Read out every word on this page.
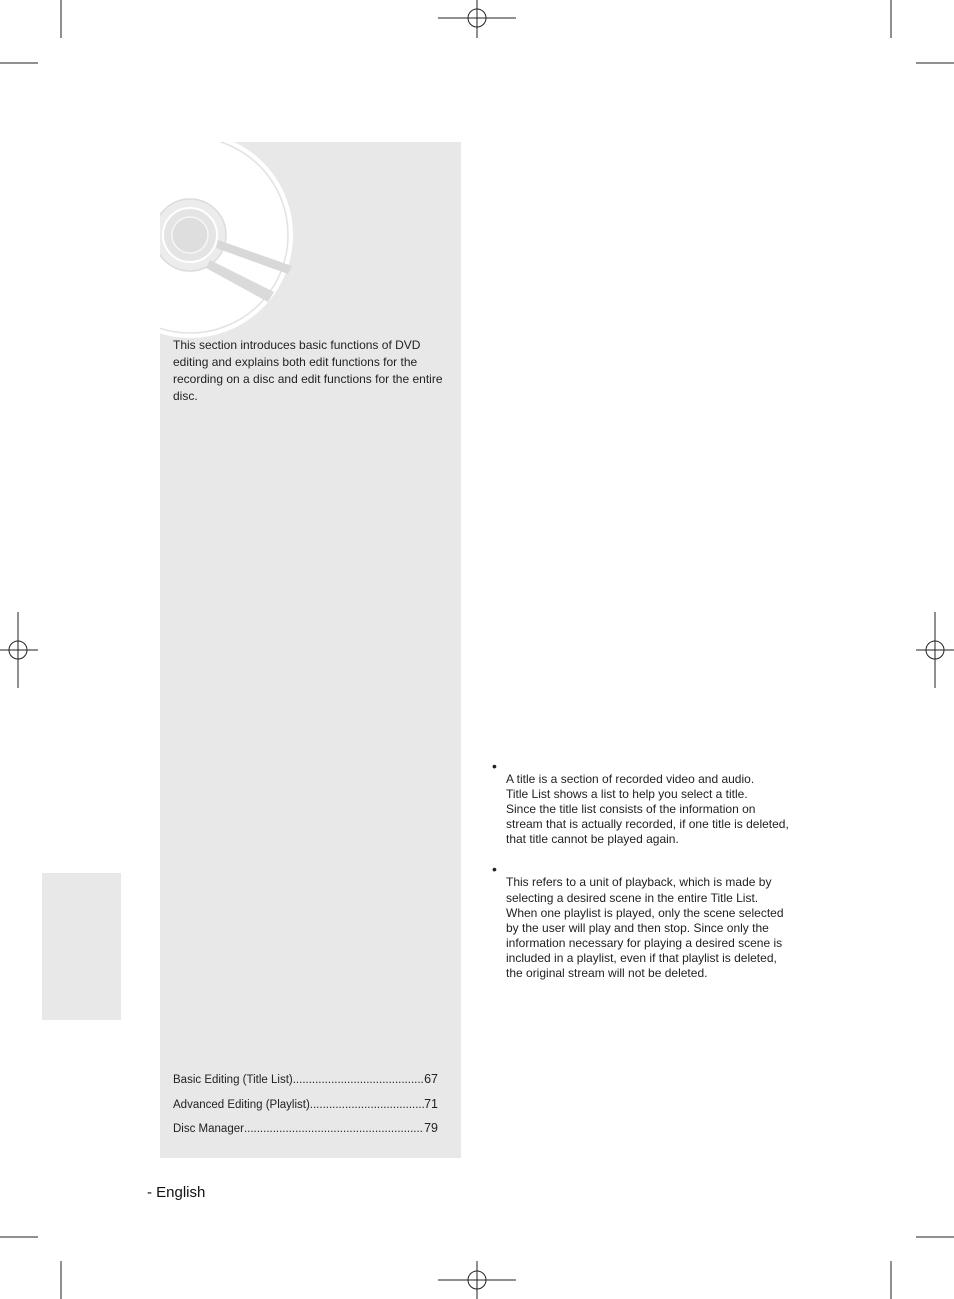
This section introduces basic functions of DVD editing and explains both edit functions for the recording on a disc and edit functions for the entire disc.

Basic Editing (Title List) .....	67
Advanced Editing (Playlist) .....	71
Disc Manager .....	79
•

A title is a section of recorded video and audio.
Title List shows a list to help you select a title.
Since the title list consists of the information on
stream that is actually recorded, if one title is deleted,
that title cannot be played again.

•

This refers to a unit of playback, which is made by
selecting a desired scene in the entire Title List.
When one playlist is played, only the scene selected
by the user will play and then stop. Since only the
information necessary for playing a desired scene is
included in a playlist, even if that playlist is deleted,
the original stream will not be deleted.

- English
